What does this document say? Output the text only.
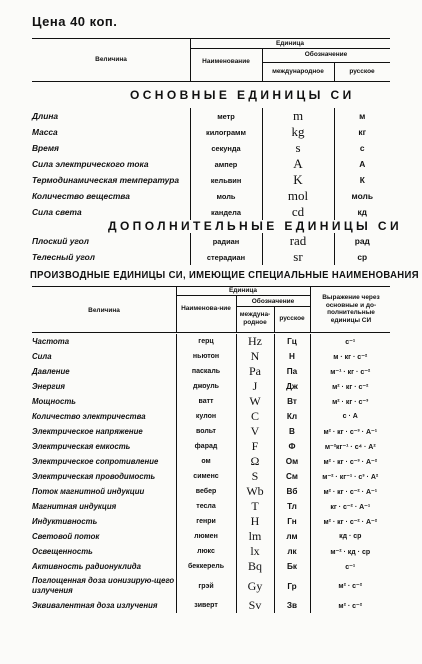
Цена 40 коп.
Величина
Единица
Наименование
Обозначение
международное	русское
ОСНОВНЫЕ ЕДИНИЦЫ СИ
Длина	метр	m	м
Масса	килограмм	kg	кг
Время	секунда	s	с
Сила электрического тока	ампер	A	А
Термодинамическая температура	кельвин	K	К
Количество вещества	моль	mol	моль
Сила света	кандела	cd	кд
ДОПОЛНИТЕЛЬНЫЕ ЕДИНИЦЫ СИ
Плоский угол	радиан	rad	рад
Телесный угол	стерадиан	sr	ср
ПРОИЗВОДНЫЕ ЕДИНИЦЫ СИ, ИМЕЮЩИЕ СПЕЦИАЛЬНЫЕ НАИМЕНОВАНИЯ
Величина
Единица
Наименова-ние
Обозначение
междуна-родное	русское
Выражение через основные и до-полнительные единицы СИ
Частота	герц	Hz	Гц	с⁻¹
Сила	ньютон	N	Н	м · кг · с⁻²
Давление	паскаль	Pa	Па	м⁻¹ · кг · с⁻²
Энергия	джоуль	J	Дж	м² · кг · с⁻²
Мощность	ватт	W	Вт	м² · кг · с⁻³
Количество электричества	кулон	C	Кл	с · А
Электрическое напряжение	вольт	V	В	м² · кг · с⁻³ · А⁻¹
Электрическая емкость	фарад	F	Ф	м⁻²кг⁻¹ · с⁴ · А²
Электрическое сопротивление	ом	Ω	Ом	м² · кг · с⁻³ · А⁻²
Электрическая проводимость	сименс	S	См	м⁻² · кг⁻¹ · с³ · А²
Поток магнитной индукции	вебер	Wb	Вб	м² · кг · с⁻² · А⁻¹
Магнитная индукция	тесла	T	Тл	кг · с⁻² · А⁻¹
Индуктивность	генри	H	Гн	м² · кг · с⁻² · А⁻²
Световой поток	люмен	lm	лм	кд · ср
Освещенность	люкс	lx	лк	м⁻² · кд · ср
Активность радионуклида	беккерель	Bq	Бк	с⁻¹
Поглощенная доза ионизирую-щего излучения	грэй	Gy	Гр	м² · с⁻²
Эквивалентная доза излучения	зиверт	Sv	Зв	м² · с⁻²
